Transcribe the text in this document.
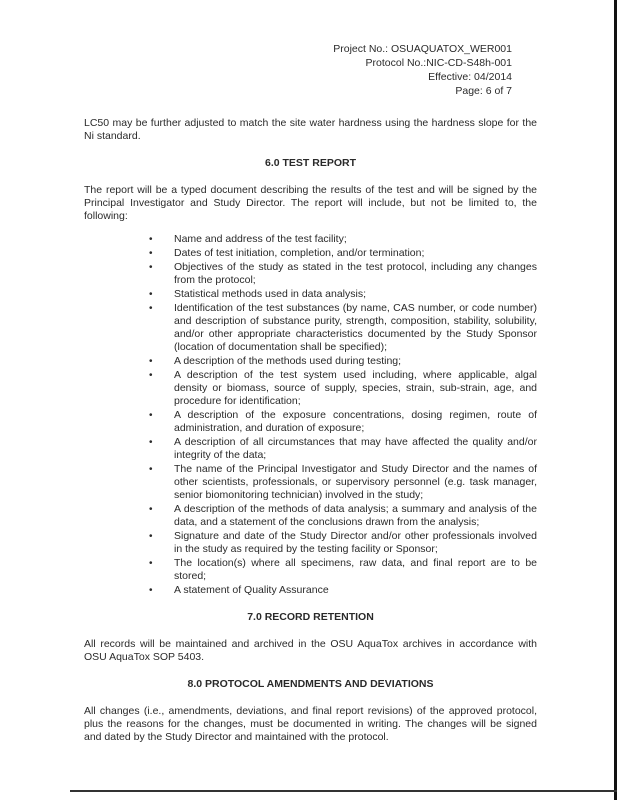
Project No.: OSUAQUATOX_WER001
Protocol No.:NIC-CD-S48h-001
Effective: 04/2014
Page: 6 of 7

LC50 may be further adjusted to match the site water hardness using the hardness slope for the Ni standard.

6.0 TEST REPORT

The report will be a typed document describing the results of the test and will be signed by the Principal Investigator and Study Director. The report will include, but not be limited to, the following:

• Name and address of the test facility;
• Dates of test initiation, completion, and/or termination;
• Objectives of the study as stated in the test protocol, including any changes from the protocol;
• Statistical methods used in data analysis;
• Identification of the test substances (by name, CAS number, or code number) and description of substance purity, strength, composition, stability, solubility, and/or other appropriate characteristics documented by the Study Sponsor (location of documentation shall be specified);
• A description of the methods used during testing;
• A description of the test system used including, where applicable, algal density or biomass, source of supply, species, strain, sub-strain, age, and procedure for identification;
• A description of the exposure concentrations, dosing regimen, route of administration, and duration of exposure;
• A description of all circumstances that may have affected the quality and/or integrity of the data;
• The name of the Principal Investigator and Study Director and the names of other scientists, professionals, or supervisory personnel (e.g. task manager, senior biomonitoring technician) involved in the study;
• A description of the methods of data analysis; a summary and analysis of the data, and a statement of the conclusions drawn from the analysis;
• Signature and date of the Study Director and/or other professionals involved in the study as required by the testing facility or Sponsor;
• The location(s) where all specimens, raw data, and final report are to be stored;
• A statement of Quality Assurance
7.0 RECORD RETENTION

All records will be maintained and archived in the OSU AquaTox archives in accordance with OSU AquaTox SOP 5403.

8.0 PROTOCOL AMENDMENTS AND DEVIATIONS

All changes (i.e., amendments, deviations, and final report revisions) of the approved protocol, plus the reasons for the changes, must be documented in writing. The changes will be signed and dated by the Study Director and maintained with the protocol.
